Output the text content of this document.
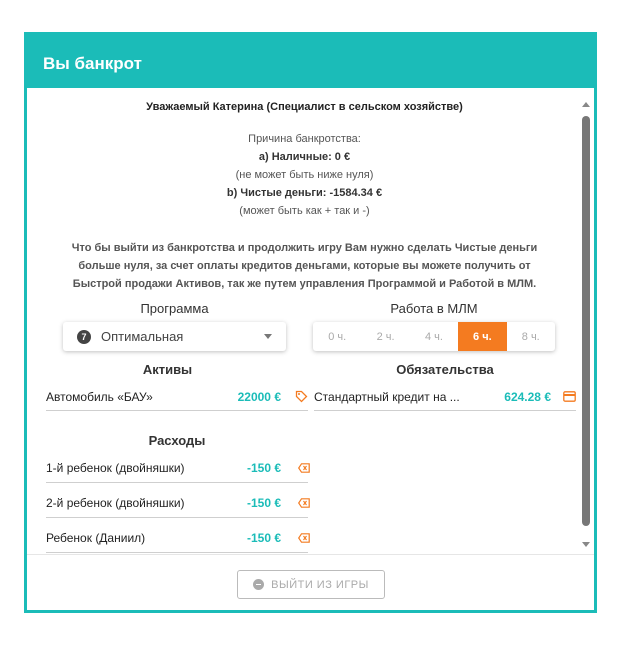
Вы банкрот
Уважаемый Катерина (Специалист в сельском хозяйстве)
Причина банкротства:
а) Наличные: 0 €
(не может быть ниже нуля)
b) Чистые деньги: -1584.34 €
(может быть как + так и -)
Что бы выйти из банкротства и продолжить игру Вам нужно сделать Чистые деньги
больше нуля, за счет оплаты кредитов деньгами, которые вы можете получить от
Быстрой продажи Активов, так же путем управления Программой и Работой в МЛМ.
Программа
7	Оптимальная
Работа в МЛМ
0 ч.	2 ч.	4 ч.	6 ч.	8 ч.
Активы
Автомобиль «БАУ»	22000 €
Обязательства
Стандартный кредит на ...	624.28 €
Расходы
1-й ребенок (двойняшки)	-150 €
2-й ребенок (двойняшки)	-150 €
Ребенок (Даниил)	-150 €
ВЫЙТИ ИЗ ИГРЫ
